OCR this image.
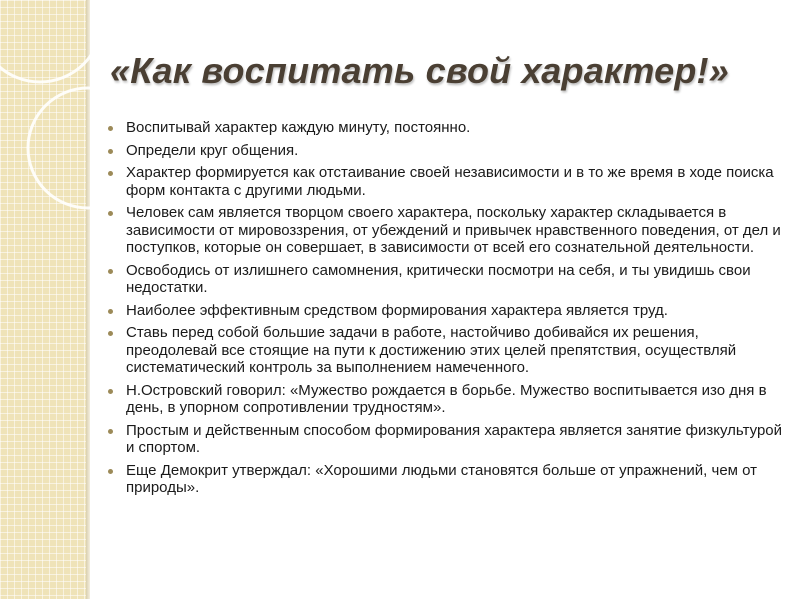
«Как воспитать свой характер!»
Воспитывай характер каждую минуту, постоянно.
Определи круг общения.
Характер формируется как отстаивание своей независимости и в то же время в ходе поиска форм контакта с другими людьми.
Человек сам является творцом своего характера, поскольку характер складывается в зависимости от мировоззрения, от убеждений и привычек нравственного поведения, от дел и поступков, которые он совершает, в зависимости от всей его сознательной деятельности.
Освободись от излишнего самомнения, критически посмотри на себя, и ты увидишь свои недостатки.
Наиболее эффективным средством формирования характера является труд.
Ставь перед собой большие задачи в работе, настойчиво добивайся их решения, преодолевай все стоящие на пути к достижению этих целей препятствия, осуществляй систематический контроль за выполнением намеченного.
Н.Островский говорил: «Мужество рождается в борьбе. Мужество воспитывается изо дня в день, в упорном сопротивлении трудностям».
Простым и действенным способом формирования характера является занятие физкультурой и спортом.
Еще Демокрит утверждал: «Хорошими людьми становятся больше от упражнений, чем от природы».
